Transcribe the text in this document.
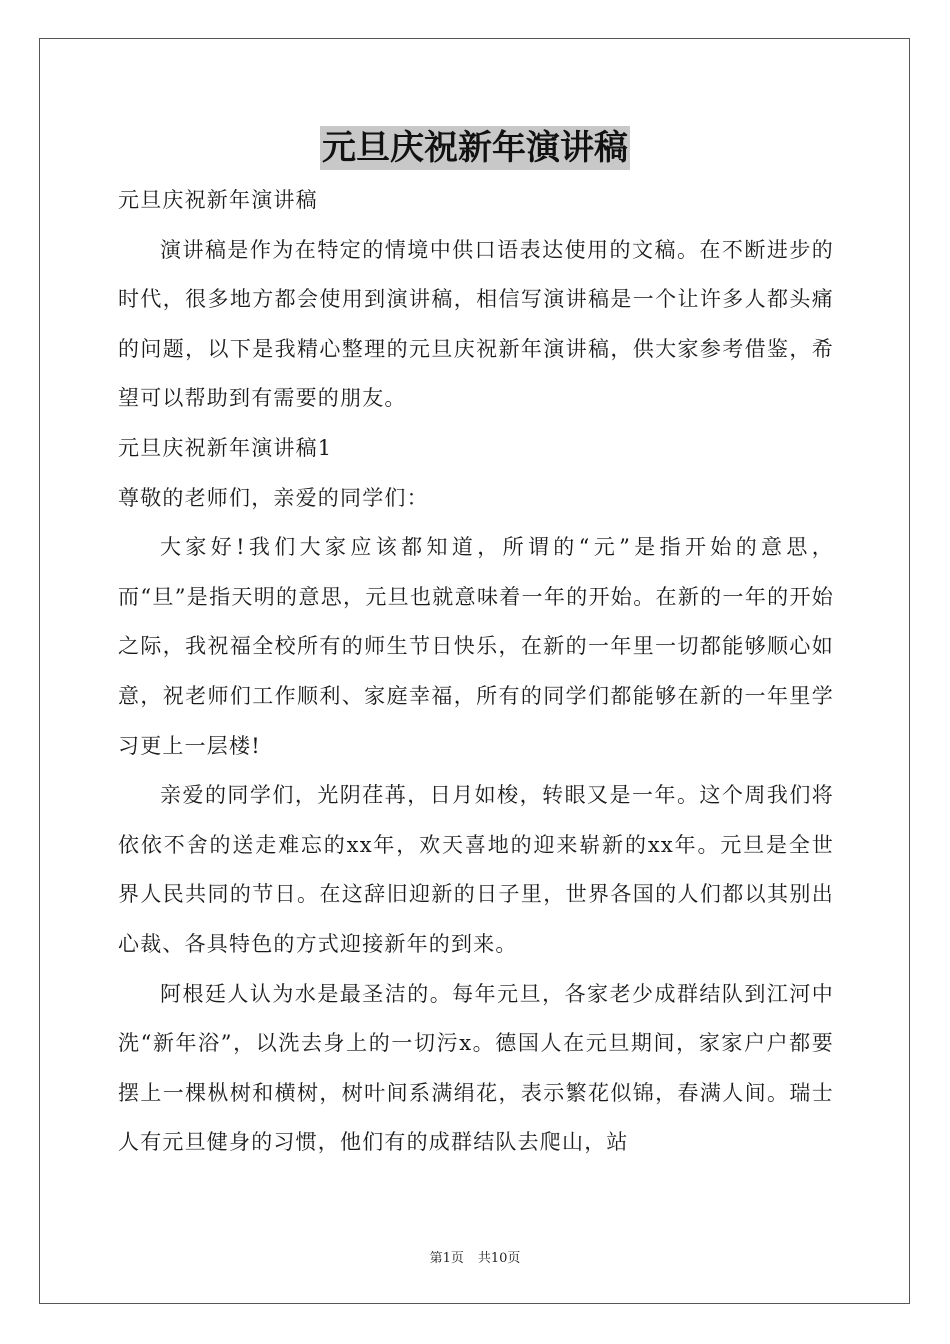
元旦庆祝新年演讲稿

元旦庆祝新年演讲稿

演讲稿是作为在特定的情境中供口语表达使用的文稿。在不断进步的时代，很多地方都会使用到演讲稿，相信写演讲稿是一个让许多人都头痛的问题，以下是我精心整理的元旦庆祝新年演讲稿，供大家参考借鉴，希望可以帮助到有需要的朋友。

元旦庆祝新年演讲稿1

尊敬的老师们，亲爱的同学们：

大家好!我们大家应该都知道，所谓的“元”是指开始的意思，而“旦”是指天明的意思，元旦也就意味着一年的开始。在新的一年的开始之际，我祝福全校所有的师生节日快乐，在新的一年里一切都能够顺心如意，祝老师们工作顺利、家庭幸福，所有的同学们都能够在新的一年里学习更上一层楼!

亲爱的同学们，光阴荏苒，日月如梭，转眼又是一年。这个周我们将依依不舍的送走难忘的xx年，欢天喜地的迎来崭新的xx年。元旦是全世界人民共同的节日。在这辞旧迎新的日子里，世界各国的人们都以其别出心裁、各具特色的方式迎接新年的到来。

阿根廷人认为水是最圣洁的。每年元旦，各家老少成群结队到江河中洗“新年浴”，以洗去身上的一切污x。德国人在元旦期间，家家户户都要摆上一棵枞树和横树，树叶间系满绢花，表示繁花似锦，春满人间。瑞士人有元旦健身的习惯，他们有的成群结队去爬山，站

第1页 共10页
